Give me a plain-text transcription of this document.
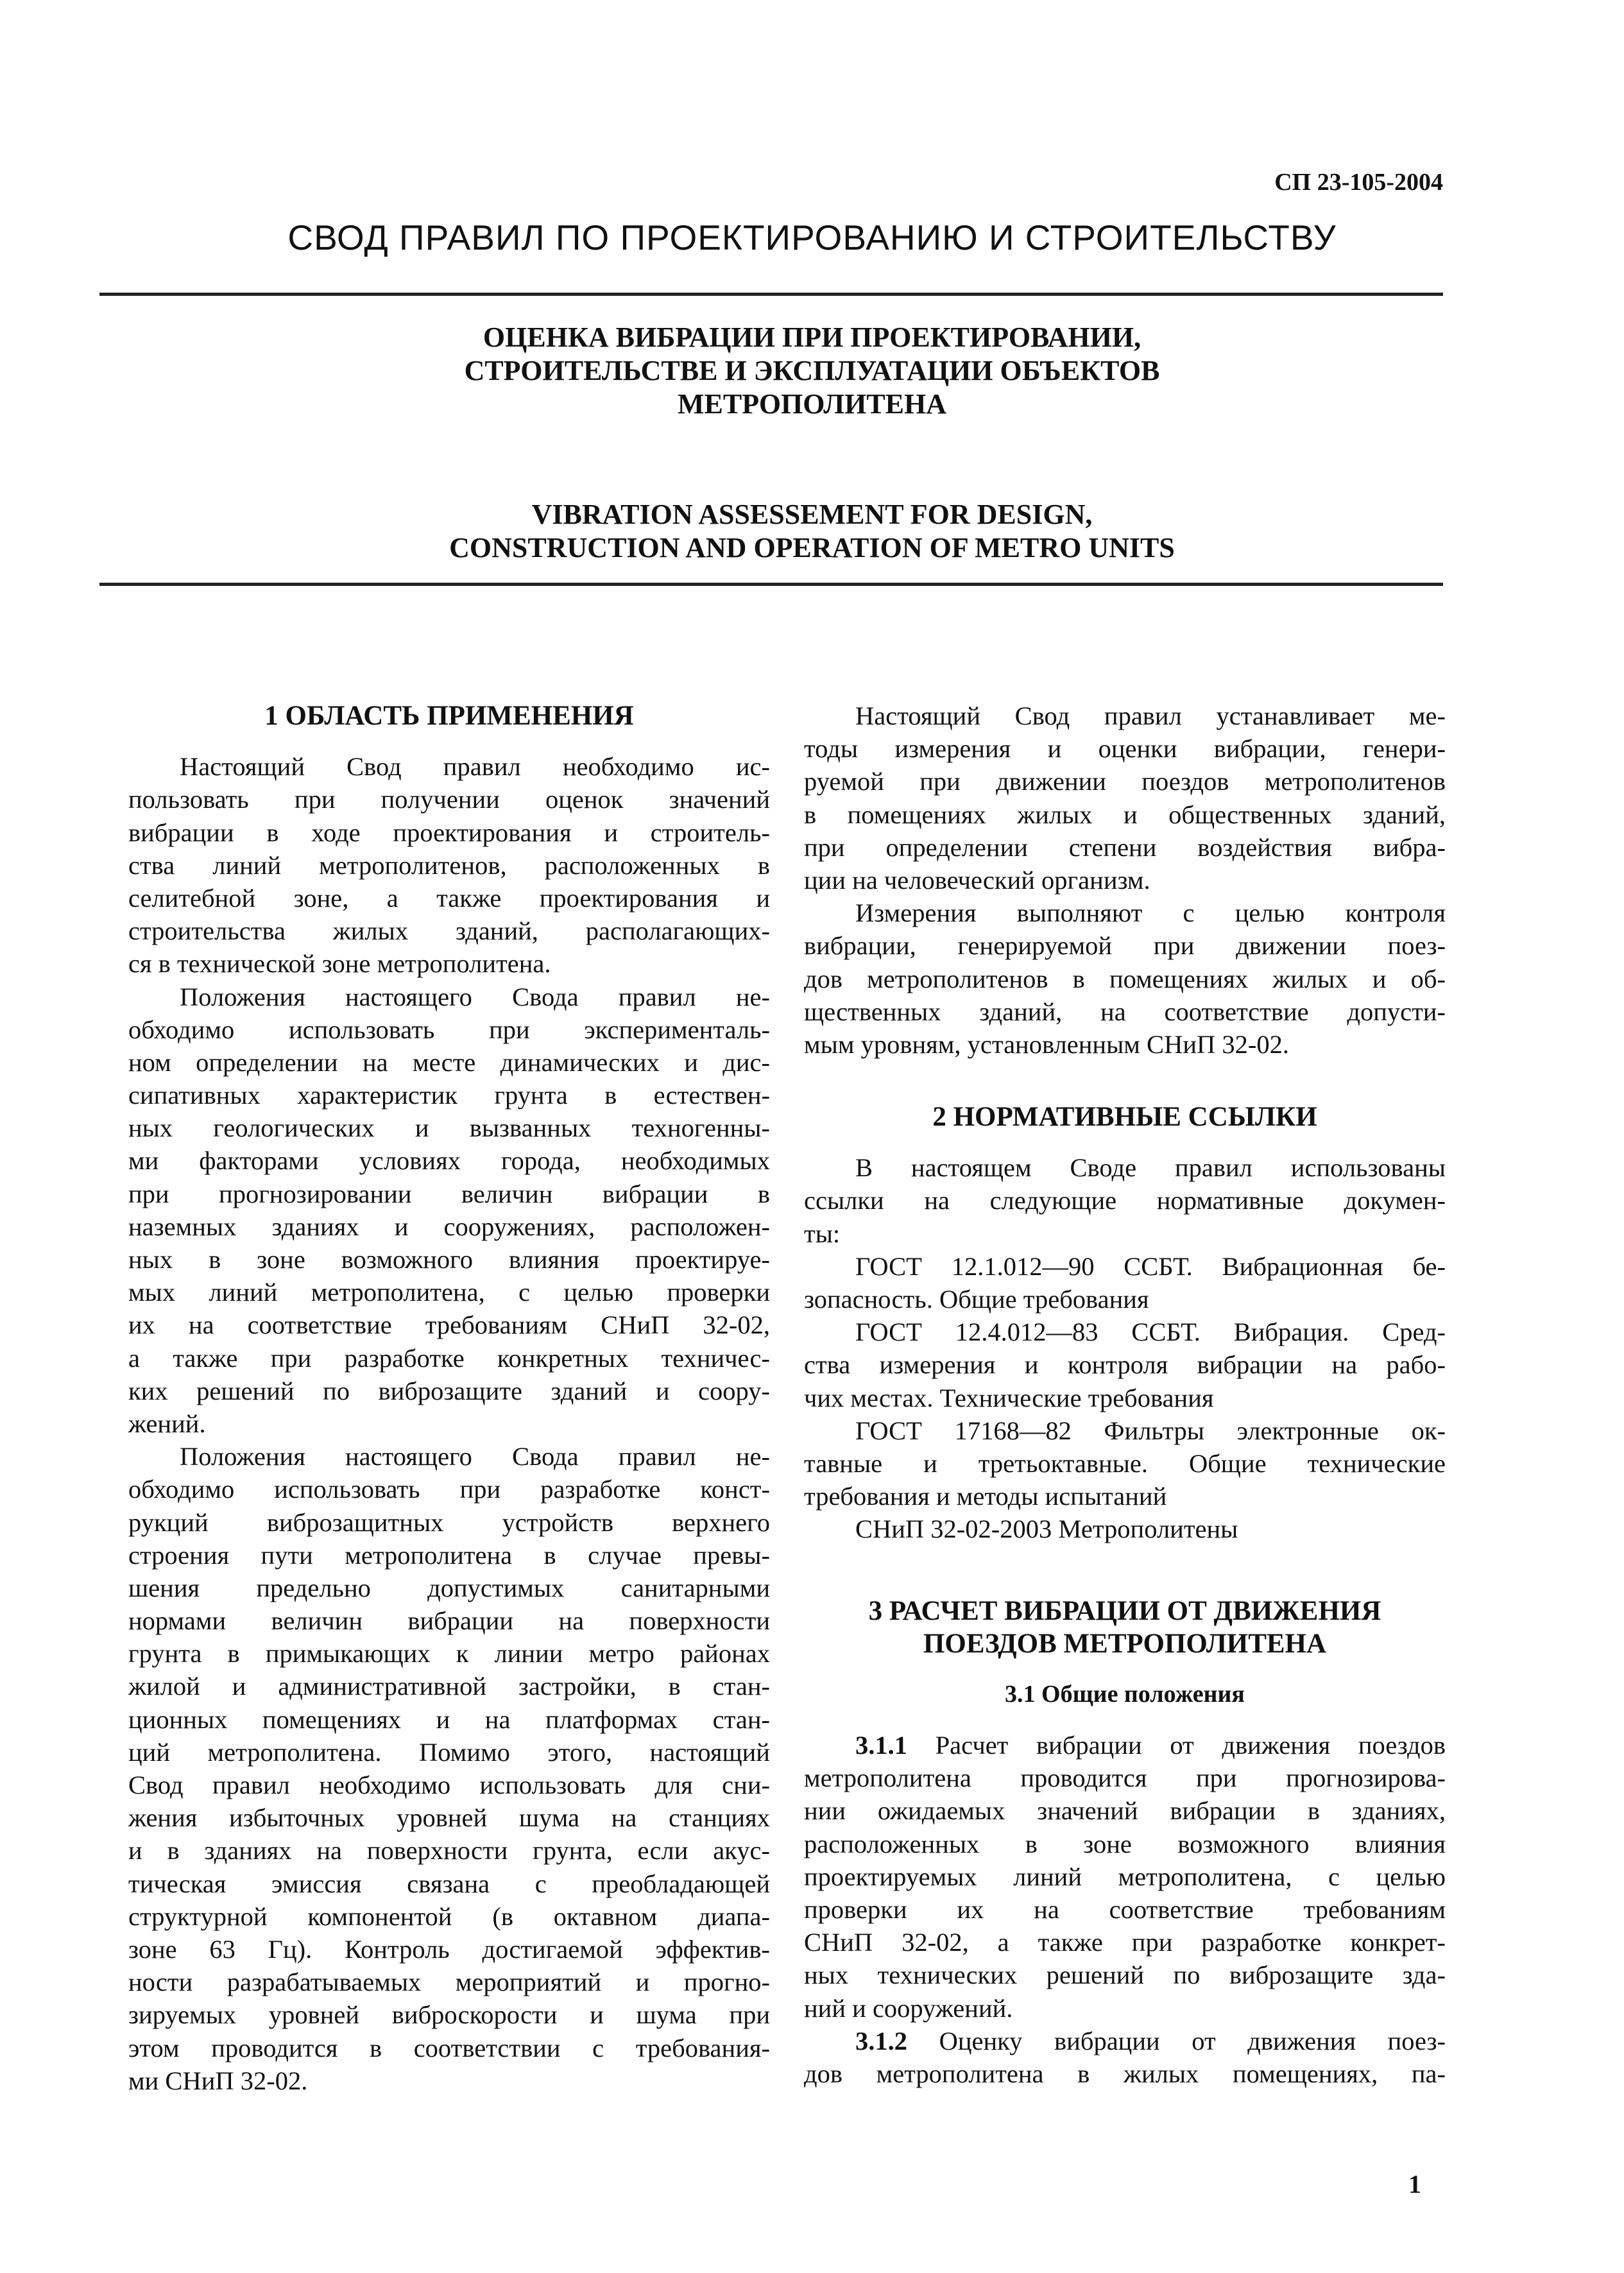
СП 23-105-2004
СВОД ПРАВИЛ ПО ПРОЕКТИРОВАНИЮ И СТРОИТЕЛЬСТВУ
ОЦЕНКА ВИБРАЦИИ ПРИ ПРОЕКТИРОВАНИИ,
СТРОИТЕЛЬСТВЕ И ЭКСПЛУАТАЦИИ ОБЪЕКТОВ
МЕТРОПОЛИТЕНА
VIBRATION ASSESSEMENT FOR DESIGN,
CONSTRUCTION AND OPERATION OF METRO UNITS
1 ОБЛАСТЬ ПРИМЕНЕНИЯ
Настоящий Свод правил необходимо ис-
пользовать при получении оценок значений
вибрации в ходе проектирования и строитель-
ства линий метрополитенов, расположенных в
селитебной зоне, а также проектирования и
строительства жилых зданий, располагающих-
ся в технической зоне метрополитена.
Положения настоящего Свода правил не-
обходимо использовать при эксперименталь-
ном определении на месте динамических и дис-
сипативных характеристик грунта в естествен-
ных геологических и вызванных техногенны-
ми факторами условиях города, необходимых
при прогнозировании величин вибрации в
наземных зданиях и сооружениях, расположен-
ных в зоне возможного влияния проектируе-
мых линий метрополитена, с целью проверки
их на соответствие требованиям СНиП 32-02,
а также при разработке конкретных техничес-
ких решений по виброзащите зданий и соору-
жений.
Положения настоящего Свода правил не-
обходимо использовать при разработке конст-
рукций виброзащитных устройств верхнего
строения пути метрополитена в случае превы-
шения предельно допустимых санитарными
нормами величин вибрации на поверхности
грунта в примыкающих к линии метро районах
жилой и административной застройки, в стан-
ционных помещениях и на платформах стан-
ций метрополитена. Помимо этого, настоящий
Свод правил необходимо использовать для сни-
жения избыточных уровней шума на станциях
и в зданиях на поверхности грунта, если акус-
тическая эмиссия связана с преобладающей
структурной компонентой (в октавном диапа-
зоне 63 Гц). Контроль достигаемой эффектив-
ности разрабатываемых мероприятий и прогно-
зируемых уровней виброскорости и шума при
этом проводится в соответствии с требования-
ми СНиП 32-02.
Настоящий Свод правил устанавливает ме-
тоды измерения и оценки вибрации, генери-
руемой при движении поездов метрополитенов
в помещениях жилых и общественных зданий,
при определении степени воздействия вибра-
ции на человеческий организм.
Измерения выполняют с целью контроля
вибрации, генерируемой при движении поез-
дов метрополитенов в помещениях жилых и об-
щественных зданий, на соответствие допусти-
мым уровням, установленным СНиП 32-02.
2 НОРМАТИВНЫЕ ССЫЛКИ
В настоящем Своде правил использованы
ссылки на следующие нормативные докумен-
ты:
ГОСТ 12.1.012—90 ССБТ. Вибрационная бе-
зопасность. Общие требования
ГОСТ 12.4.012—83 ССБТ. Вибрация. Сред-
ства измерения и контроля вибрации на рабо-
чих местах. Технические требования
ГОСТ 17168—82 Фильтры электронные ок-
тавные и третьоктавные. Общие технические
требования и методы испытаний
СНиП 32-02-2003 Метрополитены
3 РАСЧЕТ ВИБРАЦИИ ОТ ДВИЖЕНИЯ
ПОЕЗДОВ МЕТРОПОЛИТЕНА
3.1 Общие положения
3.1.1 Расчет вибрации от движения поездов
метрополитена проводится при прогнозирова-
нии ожидаемых значений вибрации в зданиях,
расположенных в зоне возможного влияния
проектируемых линий метрополитена, с целью
проверки их на соответствие требованиям
СНиП 32-02, а также при разработке конкрет-
ных технических решений по виброзащите зда-
ний и сооружений.
3.1.2 Оценку вибрации от движения поез-
дов метрополитена в жилых помещениях, па-
1
